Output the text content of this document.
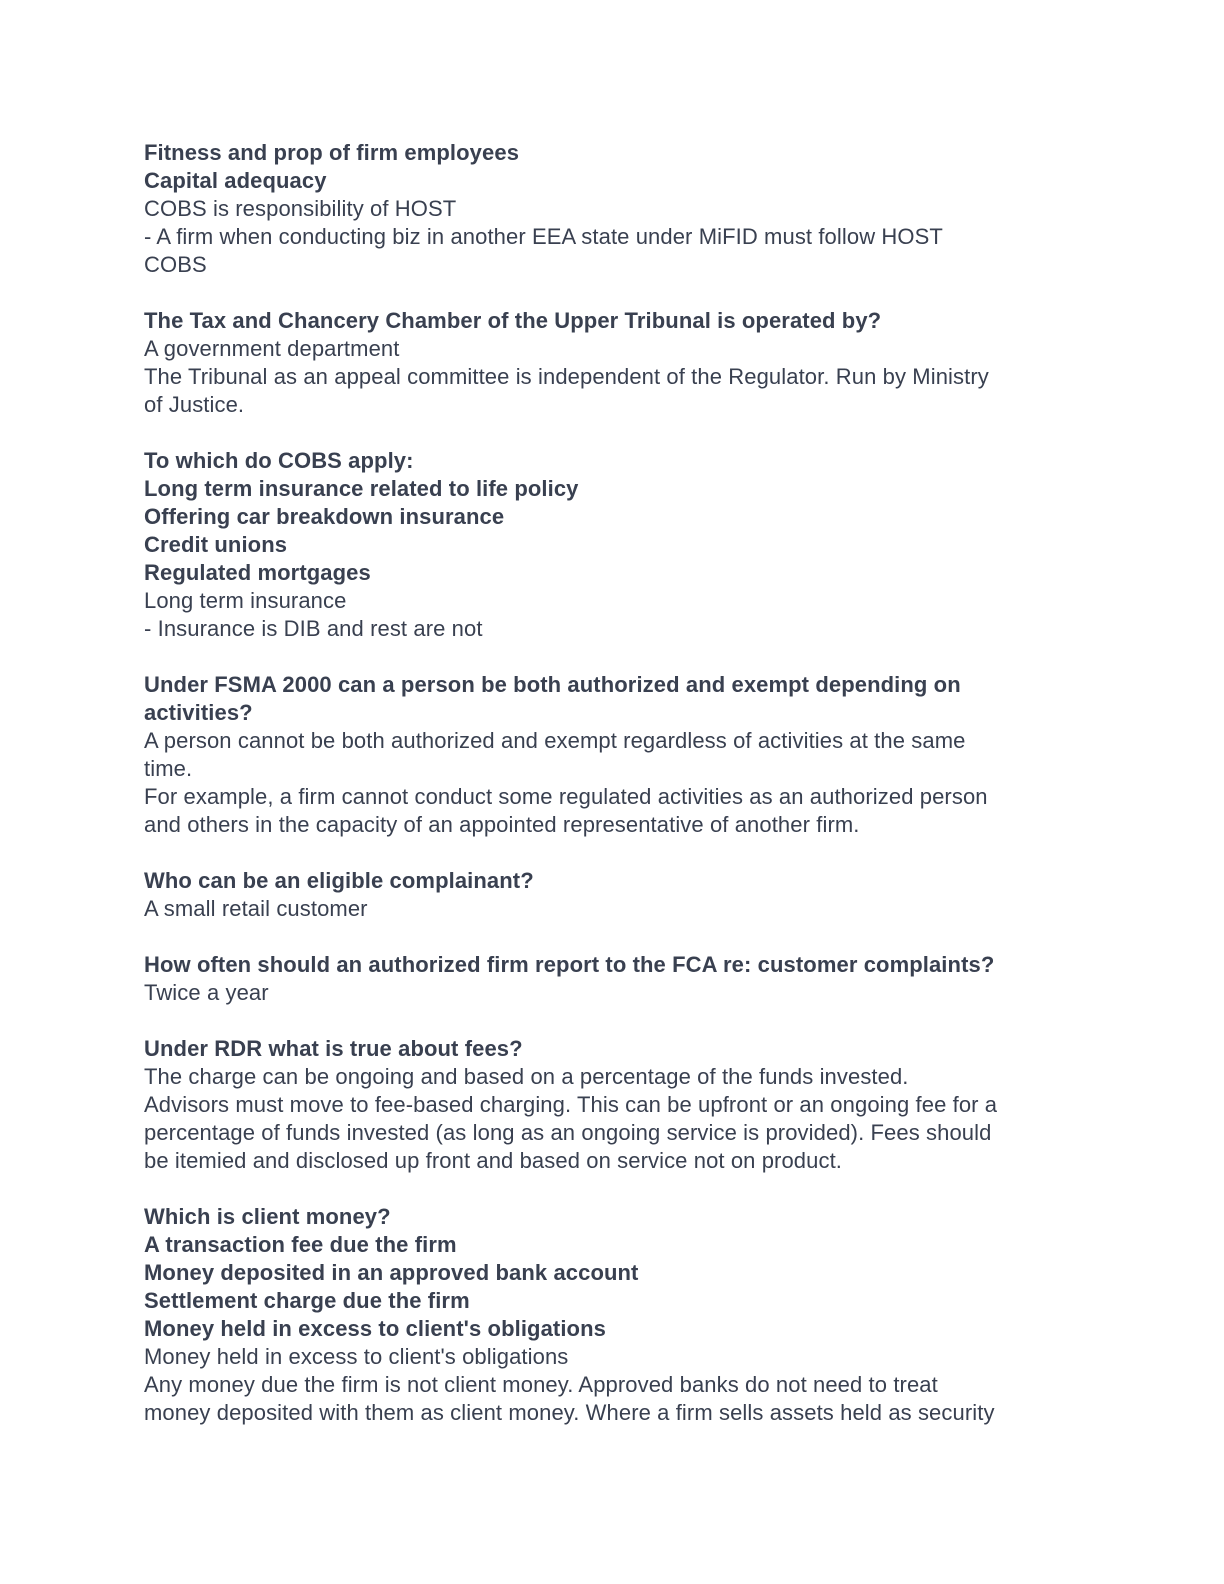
Fitness and prop of firm employees
Capital adequacy
COBS is responsibility of HOST
- A firm when conducting biz in another EEA state under MiFID must follow HOST
COBS
The Tax and Chancery Chamber of the Upper Tribunal is operated by?
A government department
The Tribunal as an appeal committee is independent of the Regulator. Run by Ministry
of Justice.
To which do COBS apply:
Long term insurance related to life policy
Offering car breakdown insurance
Credit unions
Regulated mortgages
Long term insurance
- Insurance is DIB and rest are not
Under FSMA 2000 can a person be both authorized and exempt depending on
activities?
A person cannot be both authorized and exempt regardless of activities at the same
time.
For example, a firm cannot conduct some regulated activities as an authorized person
and others in the capacity of an appointed representative of another firm.
Who can be an eligible complainant?
A small retail customer
How often should an authorized firm report to the FCA re: customer complaints?
Twice a year
Under RDR what is true about fees?
The charge can be ongoing and based on a percentage of the funds invested.
Advisors must move to fee-based charging. This can be upfront or an ongoing fee for a
percentage of funds invested (as long as an ongoing service is provided). Fees should
be itemied and disclosed up front and based on service not on product.
Which is client money?
A transaction fee due the firm
Money deposited in an approved bank account
Settlement charge due the firm
Money held in excess to client's obligations
Money held in excess to client's obligations
Any money due the firm is not client money. Approved banks do not need to treat
money deposited with them as client money. Where a firm sells assets held as security
